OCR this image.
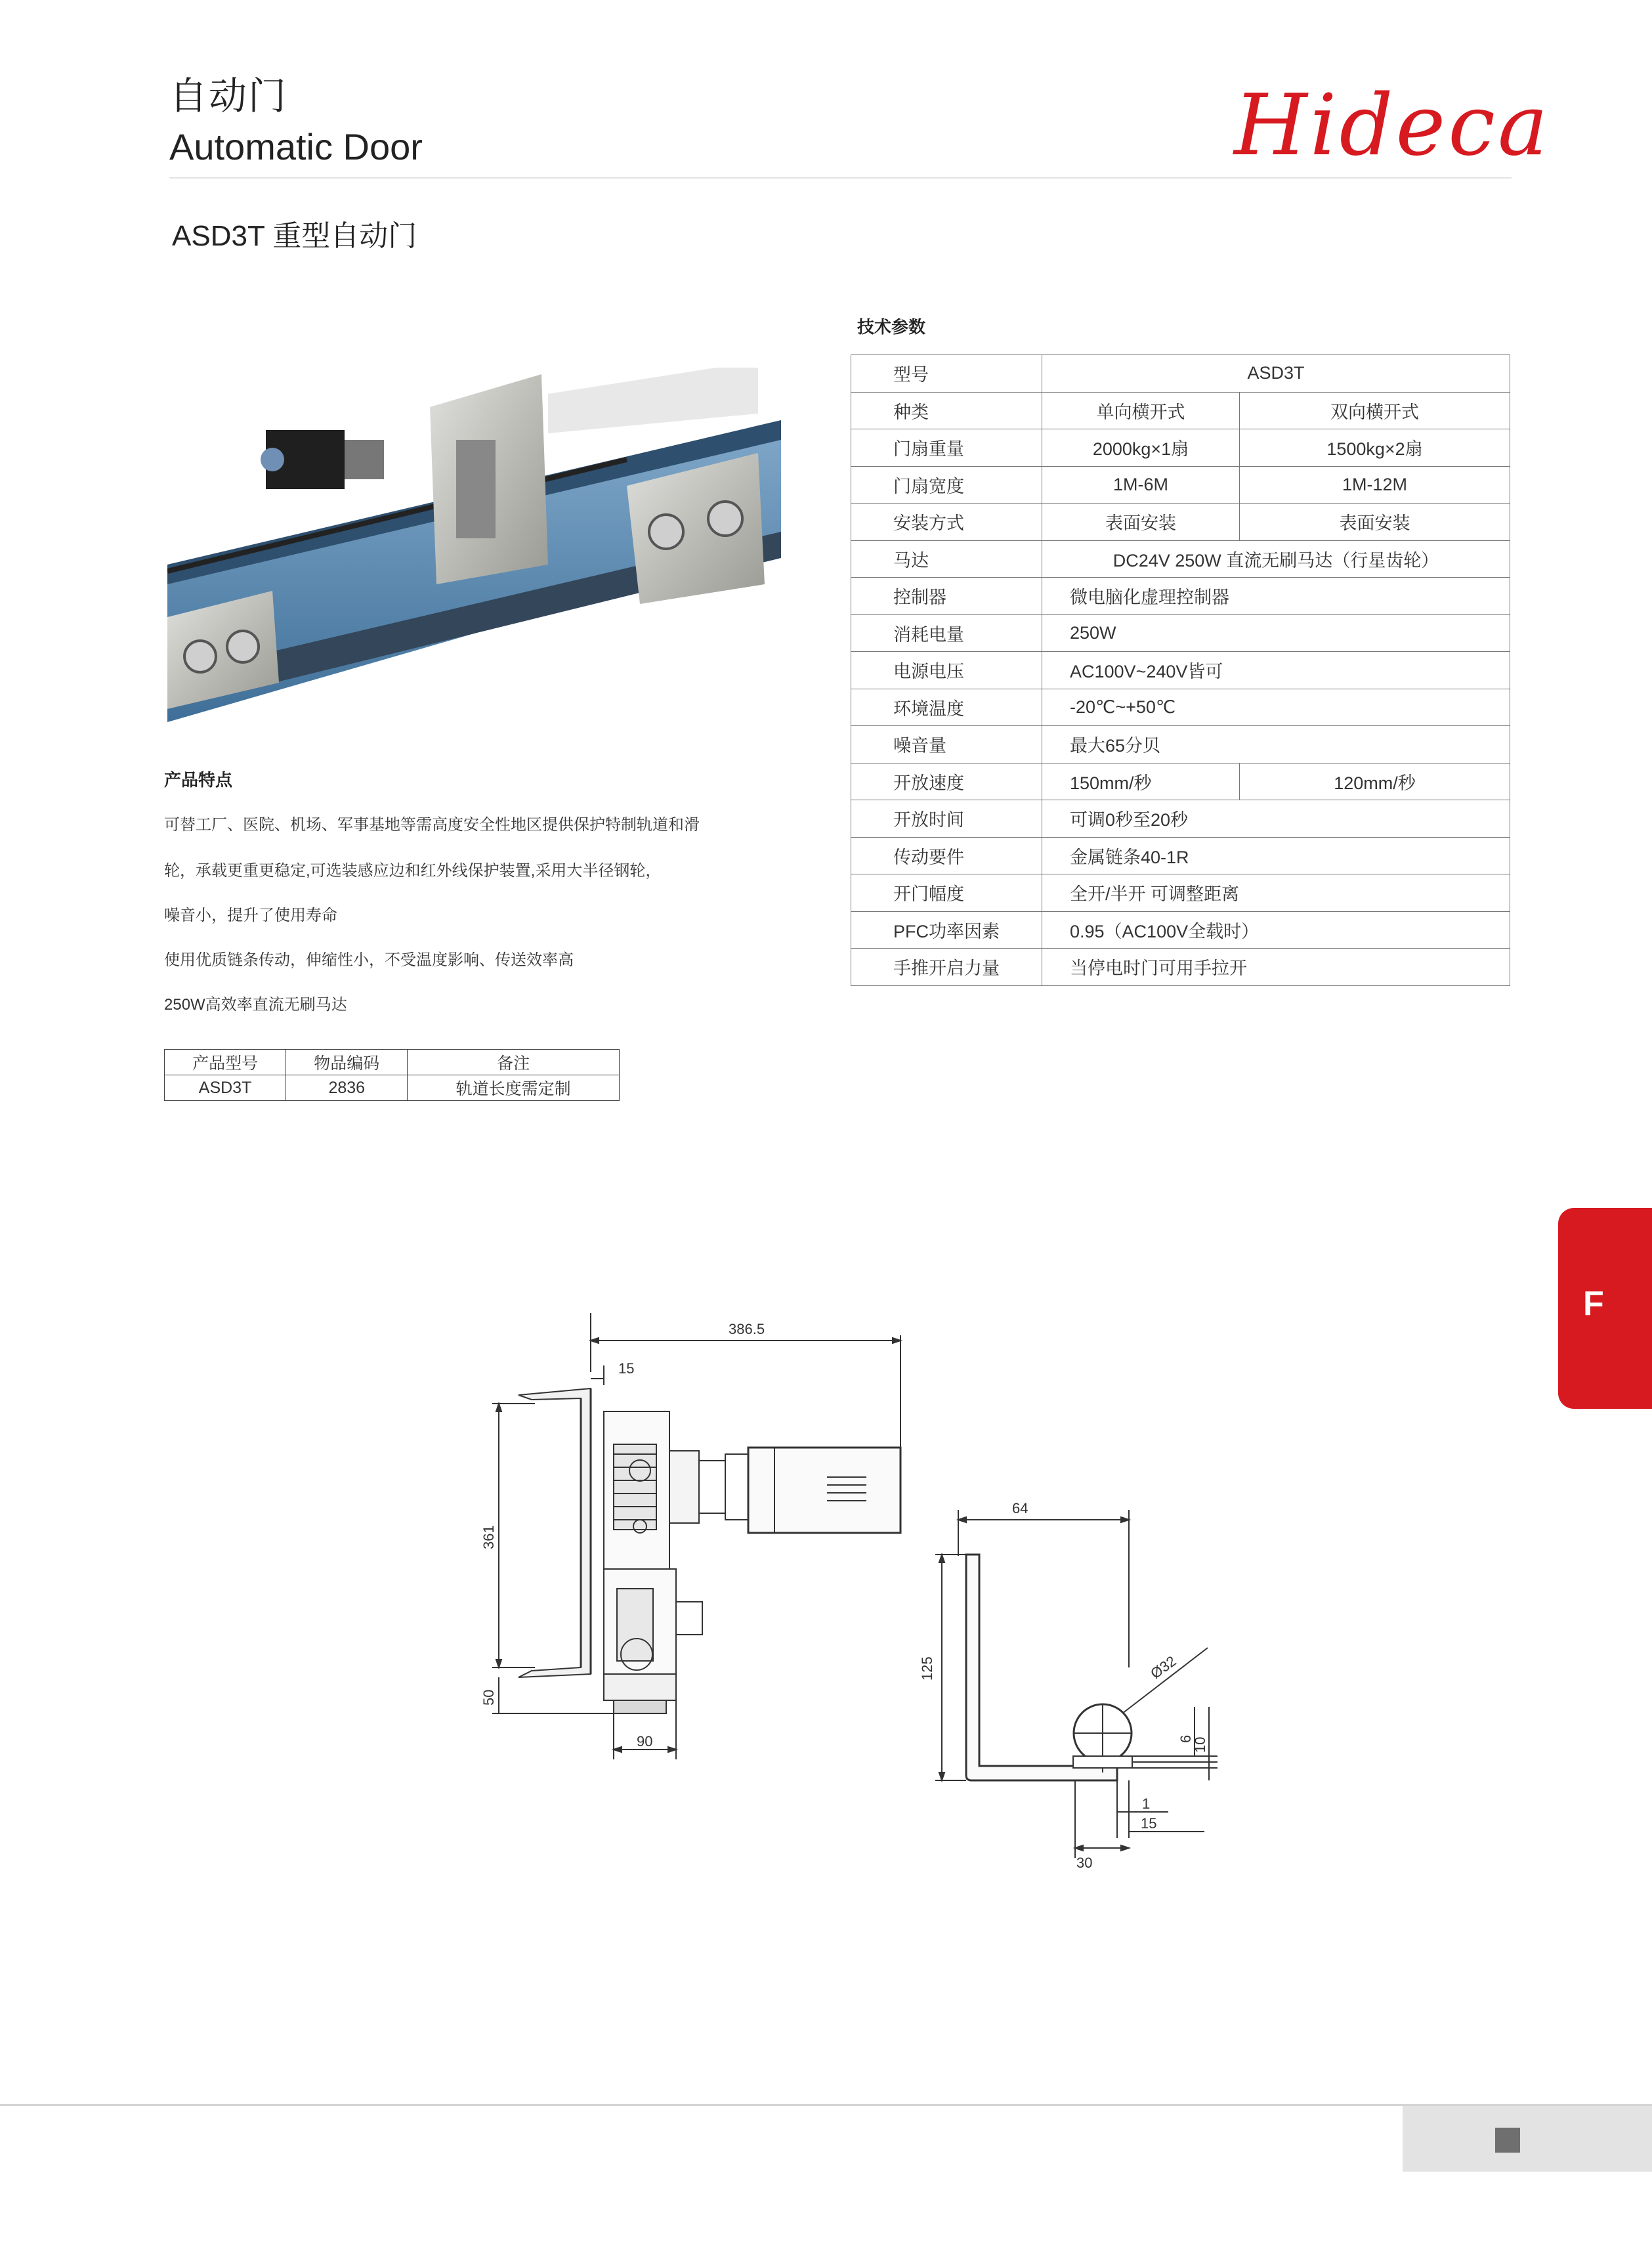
自动门
Automatic Door	Hideca
ASD3T 重型自动门
产品特点
可替工厂、医院、机场、军事基地等需高度安全性地区提供保护特制轨道和滑
轮，承载更重更稳定,可选装感应边和红外线保护装置,采用大半径钢轮，
噪音小，提升了使用寿命
使用优质链条传动，伸缩性小，不受温度影响、传送效率高
250W高效率直流无刷马达
产品型号	物品编码	备注
ASD3T	2836	轨道长度需定制
技术参数
型号	ASD3T	
种类	单向横开式	双向横开式
门扇重量	2000kg×1扇	1500kg×2扇
门扇宽度	1M-6M	1M-12M
安装方式	表面安装	表面安装
马达	DC24V 250W 直流无刷马达（行星齿轮）	
控制器	微电脑化虚理控制器	
消耗电量	250W	
电源电压	AC100V~240V皆可	
环境温度	-20℃~+50℃	
噪音量	最大65分贝	
开放速度	150mm/秒	120mm/秒
开放时间	可调0秒至20秒	
传动要件	金属链条40-1R	
开门幅度	全开/半开 可调整距离	
PFC功率因素	0.95（AC100V全载时）	
手推开启力量	当停电时门可用手拉开	
F
386.5
15
361
50
90
64
125	Ø32
6
10
1
15
30
